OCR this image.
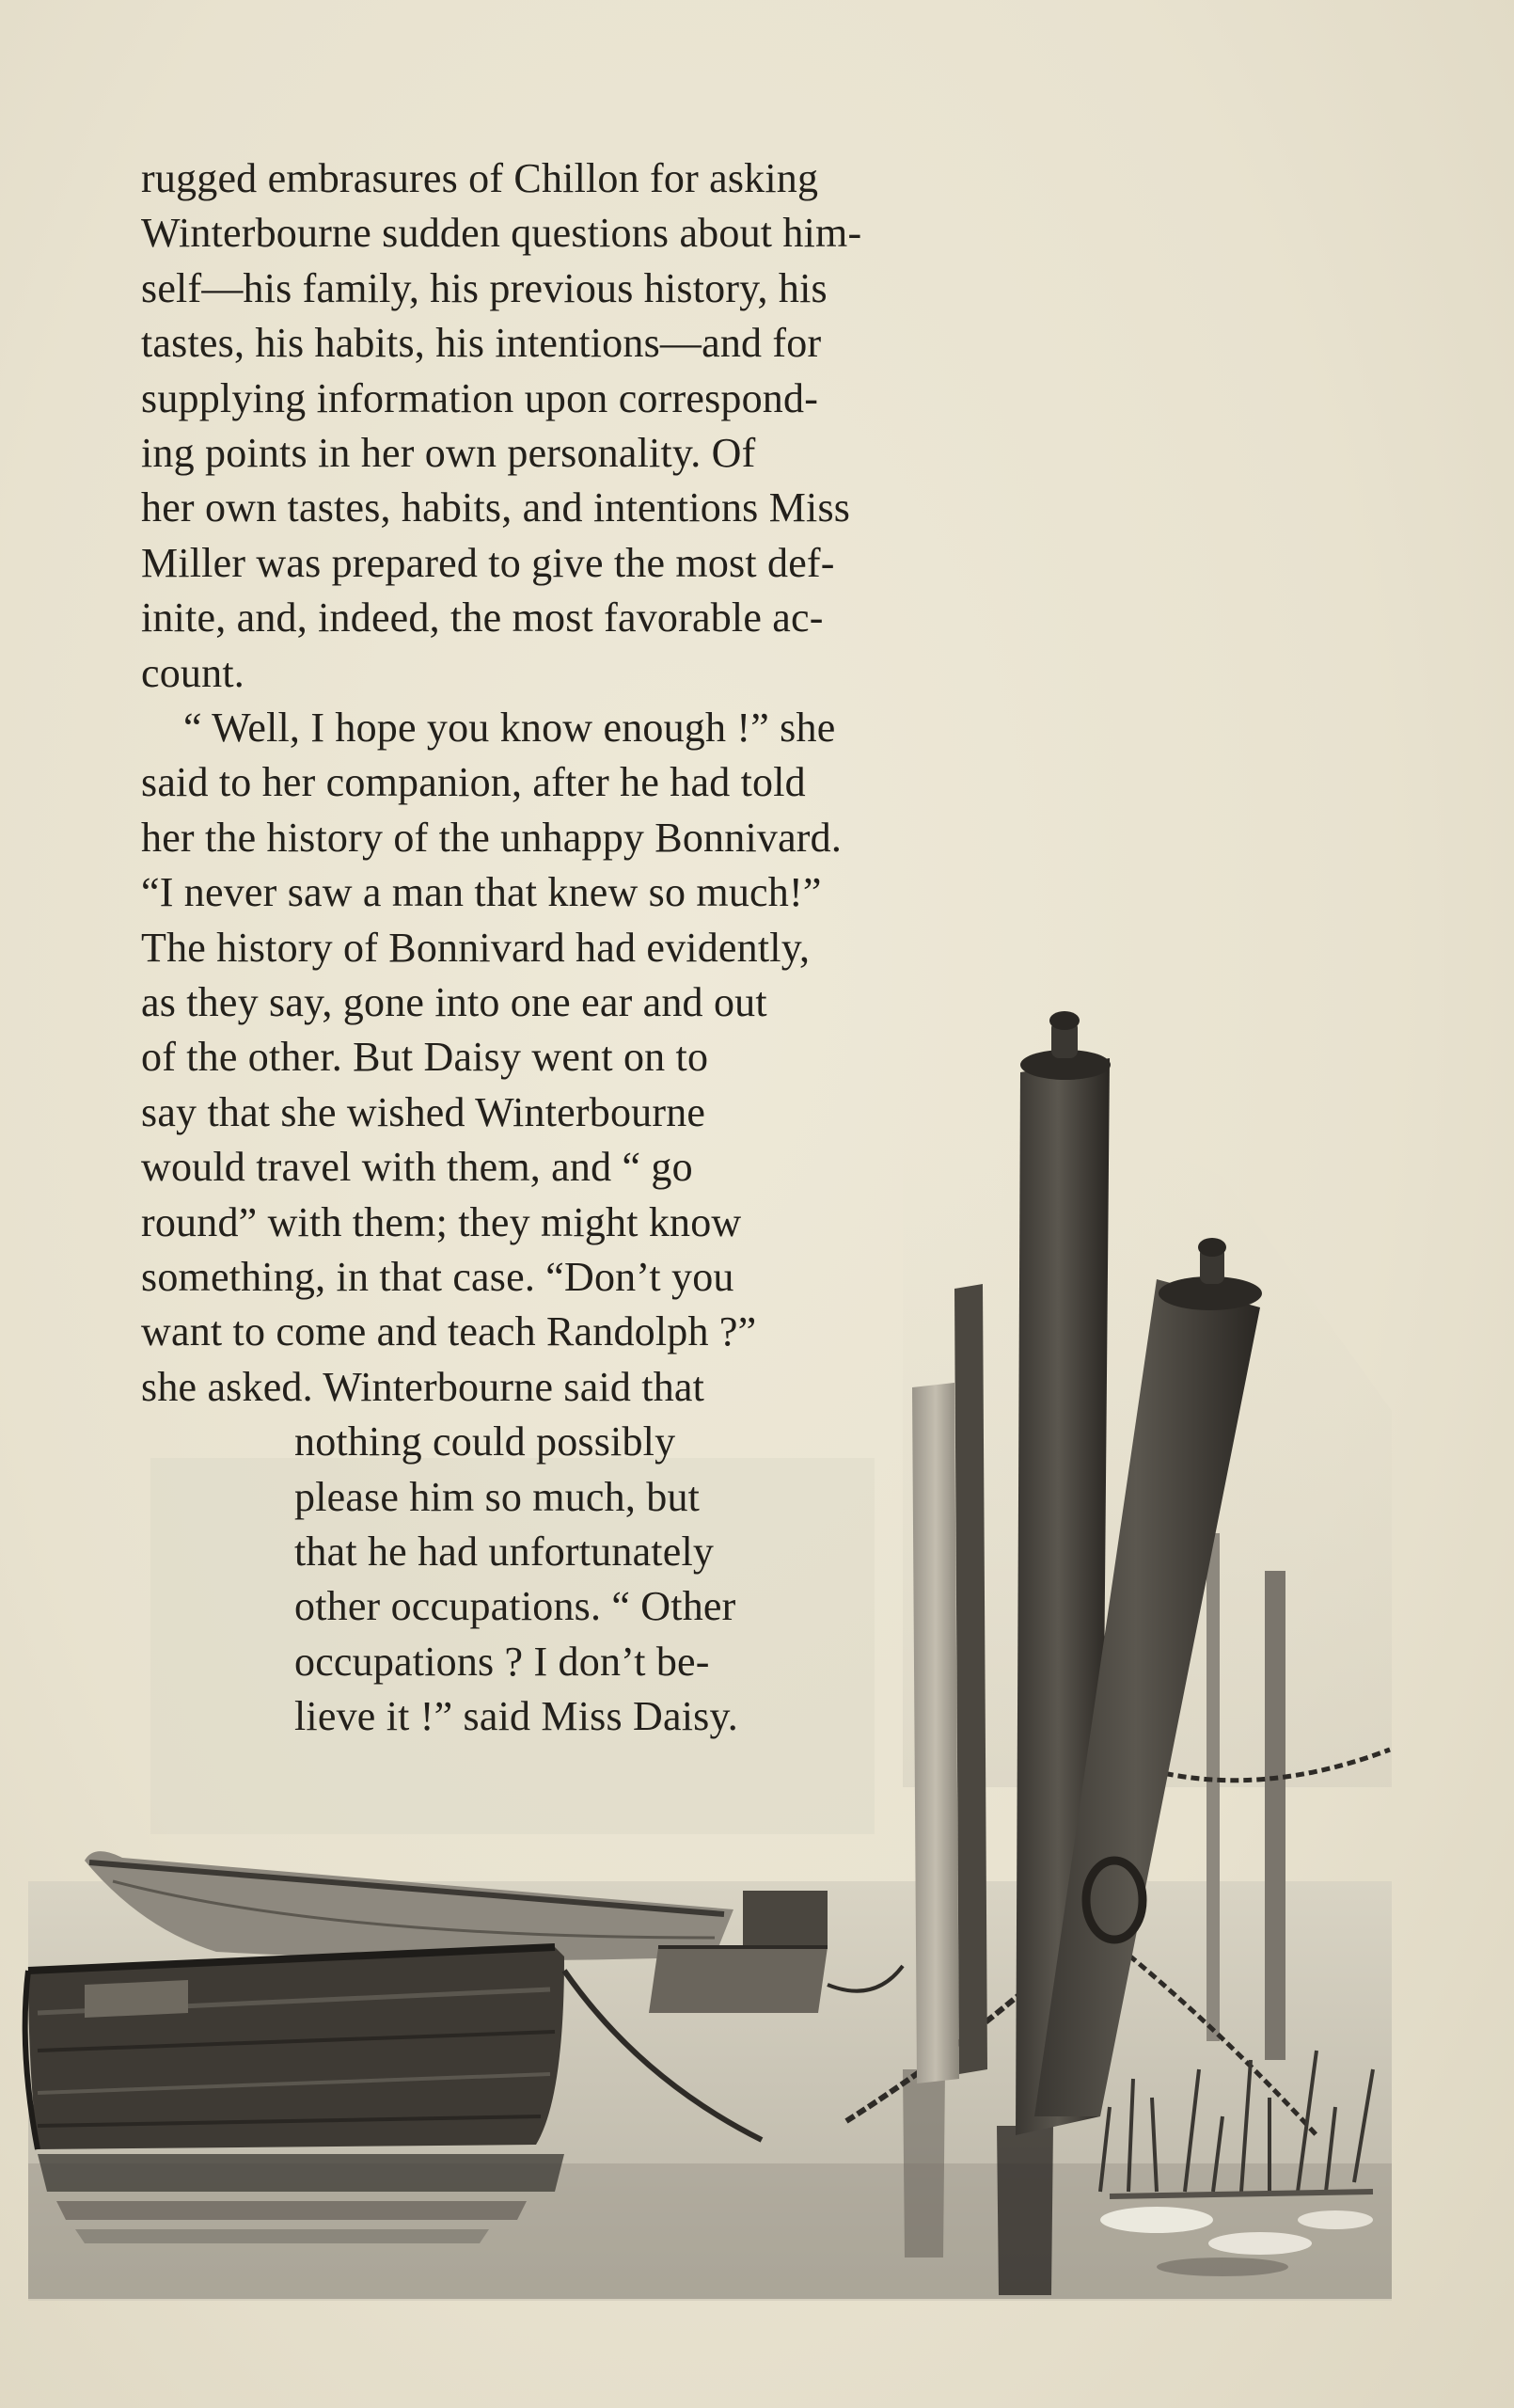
rugged embrasures of Chillon for asking
Winterbourne sudden questions about him-
self—his family, his previous history, his
tastes, his habits, his intentions—and for
supplying information upon correspond-
ing points in her own personality. Of
her own tastes, habits, and intentions Miss
Miller was prepared to give the most def-
inite, and, indeed, the most favorable ac-
count.
“ Well, I hope you know enough !” she
said to her companion, after he had told
her the history of the unhappy Bonnivard.
“I never saw a man that knew so much!”
The history of Bonnivard had evidently,
as they say, gone into one ear and out
of the other. But Daisy went on to
say that she wished Winterbourne
would travel with them, and “ go
round” with them; they might know
something, in that case. “Don’t you
want to come and teach Randolph ?”
she asked. Winterbourne said that
nothing could possibly
please him so much, but
that he had unfortunately
other occupations. “ Other
occupations ? I don’t be-
lieve it !” said Miss Daisy.
